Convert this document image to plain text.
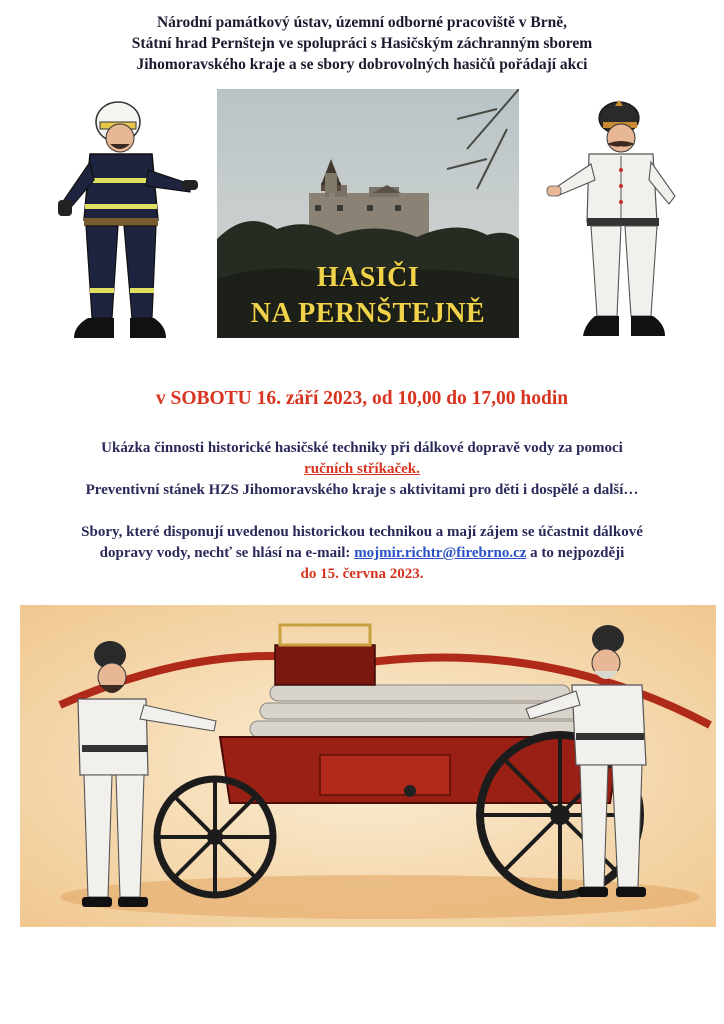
Národní památkový ústav, územní odborné pracoviště v Brně,
Státní hrad Pernštejn ve spolupráci s Hasičským záchranným sborem
Jihomoravského kraje a se sbory dobrovolných hasičů pořádají akci
HASIČI
NA PERNŠTEJNĚ
v SOBOTU 16. září 2023, od 10,00 do 17,00 hodin
Ukázka činnosti historické hasičské techniky při dálkové dopravě vody za pomoci
ručních stříkaček.
Preventivní stánek HZS Jihomoravského kraje s aktivitami pro děti i dospělé a další…
Sbory, které disponují uvedenou historickou technikou a mají zájem se účastnit dálkové
dopravy vody, nechť se hlásí na e-mail: mojmir.richtr@firebrno.cz a to nejpozději
do 15. června 2023.
